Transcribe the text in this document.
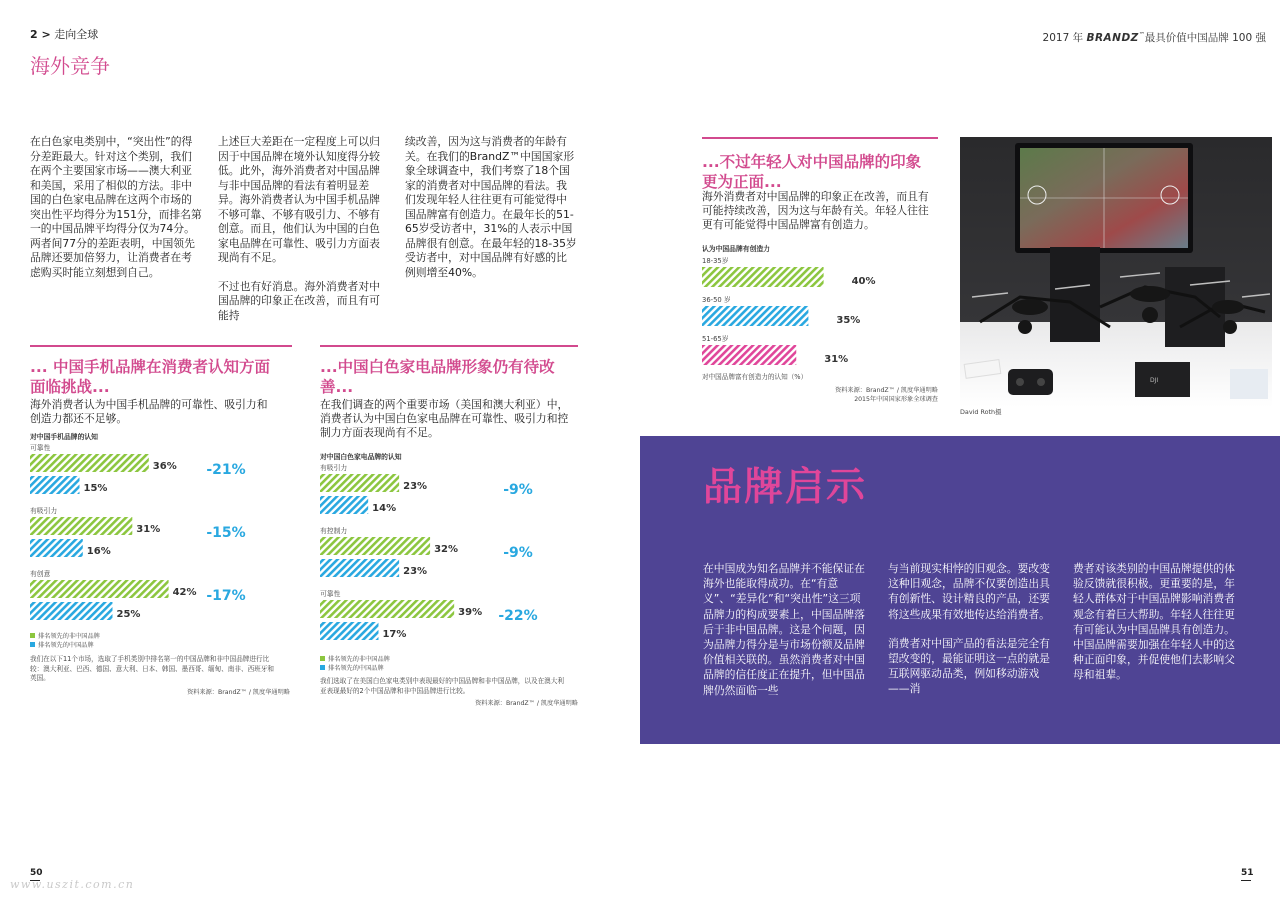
2 > 走向全球	2017 年 BRANDZ™最具价值中国品牌 100 强
海外竞争
在白色家电类别中，“突出性”的得分差距最大。针对这个类别，我们在两个主要国家市场——澳大利亚和美国，采用了相似的方法。非中国的白色家电品牌在这两个市场的突出性平均得分为151分，而排名第一的中国品牌平均得分仅为74分。两者间77分的差距表明，中国领先品牌还要加倍努力，让消费者在考虑购买时能立刻想到自己。
上述巨大差距在一定程度上可以归因于中国品牌在境外认知度得分较低。此外，海外消费者对中国品牌与非中国品牌的看法有着明显差异。海外消费者认为中国手机品牌不够可靠、不够有吸引力、不够有创意。而且，他们认为中国的白色家电品牌在可靠性、吸引力方面表现尚有不足。
不过也有好消息。海外消费者对中国品牌的印象正在改善，而且有可能持
续改善，因为这与消费者的年龄有关。在我们的BrandZ™中国国家形象全球调查中，我们考察了18个国家的消费者对中国品牌的看法。我们发现年轻人往往更有可能觉得中国品牌富有创造力。在最年长的51-65岁受访者中，31%的人表示中国品牌很有创意。在最年轻的18-35岁受访者中，对中国品牌有好感的比例则增至40%。
... 中国手机品牌在消费者认知方面面临挑战...
海外消费者认为中国手机品牌的可靠性、吸引力和创造力都还不足够。
对中国手机品牌的认知
可靠性
36%
15%
-21%
有吸引力
31%
16%
-15%
有创意
42%
25%
-17%
排名领先的非中国品牌
排名领先的中国品牌
我们在以下11个市场，选取了手机类别中排名第一的中国品牌和非中国品牌进行比较：澳大利亚、巴西、德国、意大利、日本、韩国、墨西哥、缅甸、南非、西班牙和英国。
资料来源：BrandZ™ / 凯度华通明略
...中国白色家电品牌形象仍有待改善...
在我们调查的两个重要市场（美国和澳大利亚）中，消费者认为中国白色家电品牌在可靠性、吸引力和控制力方面表现尚有不足。
对中国白色家电品牌的认知
有吸引力
23%
14%
-9%
有控制力
32%
23%
-9%
可靠性
39%
17%
-22%
排名领先的非中国品牌
排名领先的中国品牌
我们选取了在美国白色家电类别中表现最好的中国品牌和非中国品牌，以及在澳大利亚表现最好的2个中国品牌和非中国品牌进行比较。
资料来源：BrandZ™ / 凯度华通明略
...不过年轻人对中国品牌的印象更为正面...
海外消费者对中国品牌的印象正在改善，而且有可能持续改善，因为这与年龄有关。年轻人往往更有可能觉得中国品牌富有创造力。
认为中国品牌有创造力
18-35岁
40%
36-50 岁
35%
51-65岁
31%
对中国品牌富有创造力的认知（%）
资料来源：BrandZ™ / 凯度华通明略
2015年中国国家形象全球调查
DJI
David Roth摄
品牌启示
在中国成为知名品牌并不能保证在海外也能取得成功。在“有意义”、“差异化”和“突出性”这三项品牌力的构成要素上，中国品牌落后于非中国品牌。这是个问题，因为品牌力得分是与市场份额及品牌价值相关联的。虽然消费者对中国品牌的信任度正在提升，但中国品牌仍然面临一些
与当前现实相悖的旧观念。要改变这种旧观念，品牌不仅要创造出具有创新性、设计精良的产品，还要将这些成果有效地传达给消费者。
消费者对中国产品的看法是完全有望改变的，最能证明这一点的就是互联网驱动品类，例如移动游戏——消
费者对该类别的中国品牌提供的体验反馈就很积极。更重要的是，年轻人群体对于中国品牌影响消费者观念有着巨大帮助。年轻人往往更有可能认为中国品牌具有创造力。中国品牌需要加强在年轻人中的这种正面印象，并促使他们去影响父母和祖辈。
50	51
www.uszit.com.cn
